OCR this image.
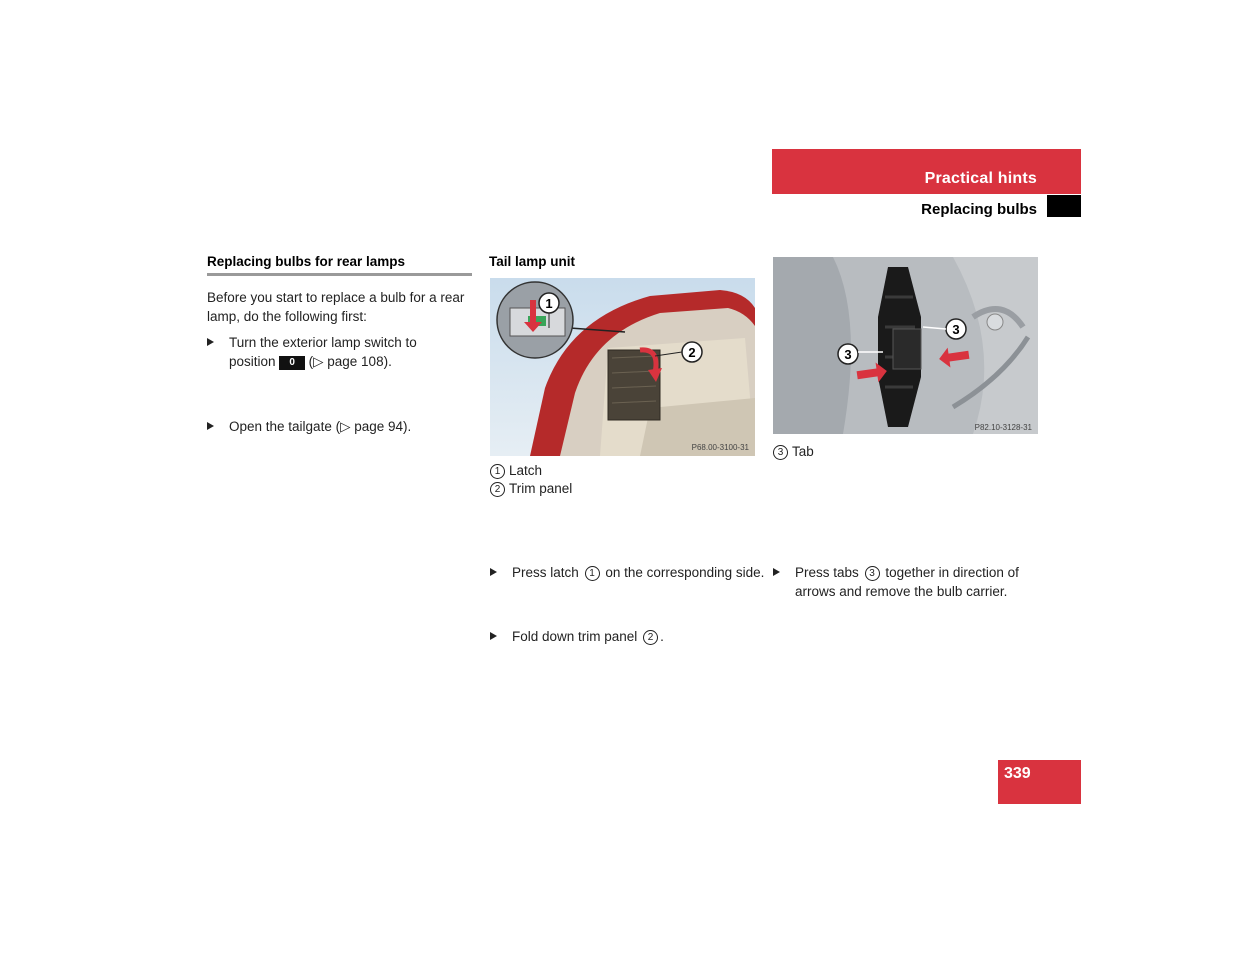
Practical hints
Replacing bulbs
Replacing bulbs for rear lamps
Before you start to replace a bulb for a rear lamp, do the following first:
Turn the exterior lamp switch to
position 0 (▷ page 108).
Open the tailgate (▷ page 94).
Tail lamp unit
1
2
P68.00-3100-31
1 Latch
2 Trim panel
Press latch 1 on the corresponding side.
Fold down trim panel 2 .
3
3
P82.10-3128-31
3 Tab
Press tabs 3 together in direction of arrows and remove the bulb carrier.
339
